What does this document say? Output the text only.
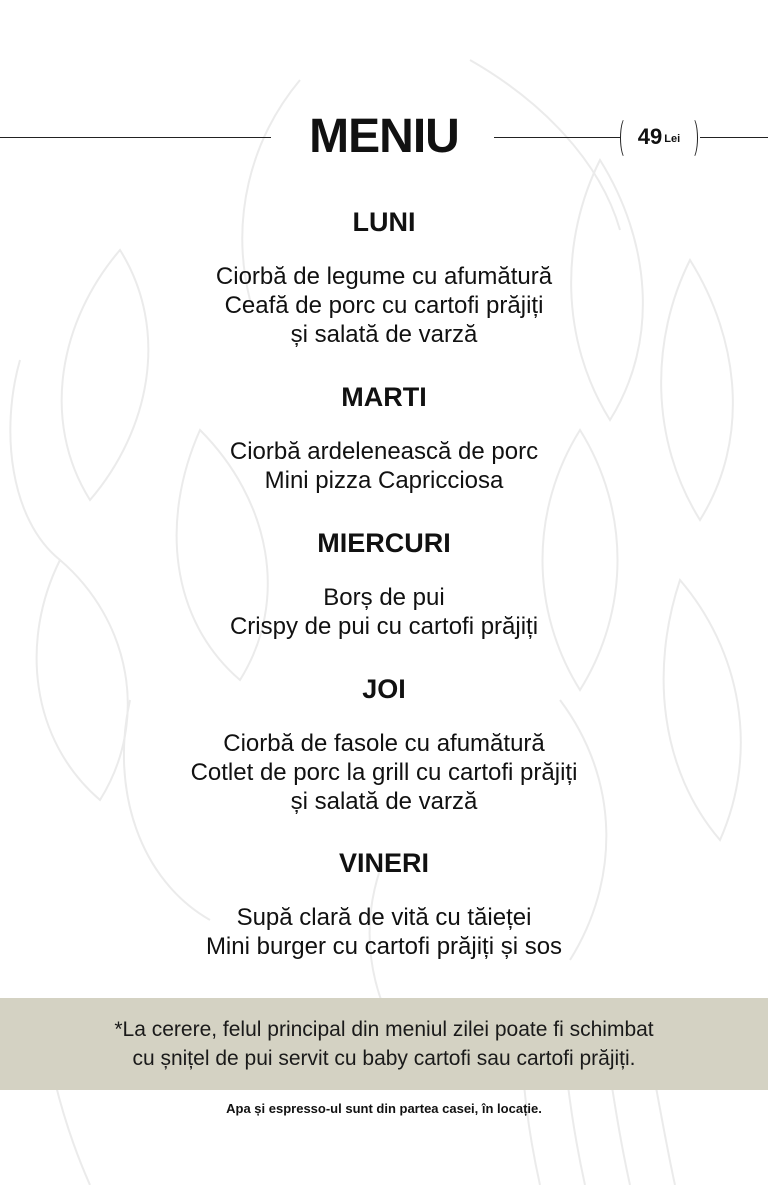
MENIU	49 Lei

LUNI

Ciorbă de legume cu afumătură
Ceafă de porc cu cartofi prăjiți
și salată de varză

MARTI

Ciorbă ardelenească de porc
Mini pizza Capricciosa

MIERCURI

Borș de pui
Crispy de pui cu cartofi prăjiți

JOI

Ciorbă de fasole cu afumătură
Cotlet de porc la grill cu cartofi prăjiți
și salată de varză

VINERI

Supă clară de vită cu tăieței
Mini burger cu cartofi prăjiți și sos
*La cerere, felul principal din meniul zilei poate fi schimbat
cu șnițel de pui servit cu baby cartofi sau cartofi prăjiți.
Apa și espresso-ul sunt din partea casei, în locație.
